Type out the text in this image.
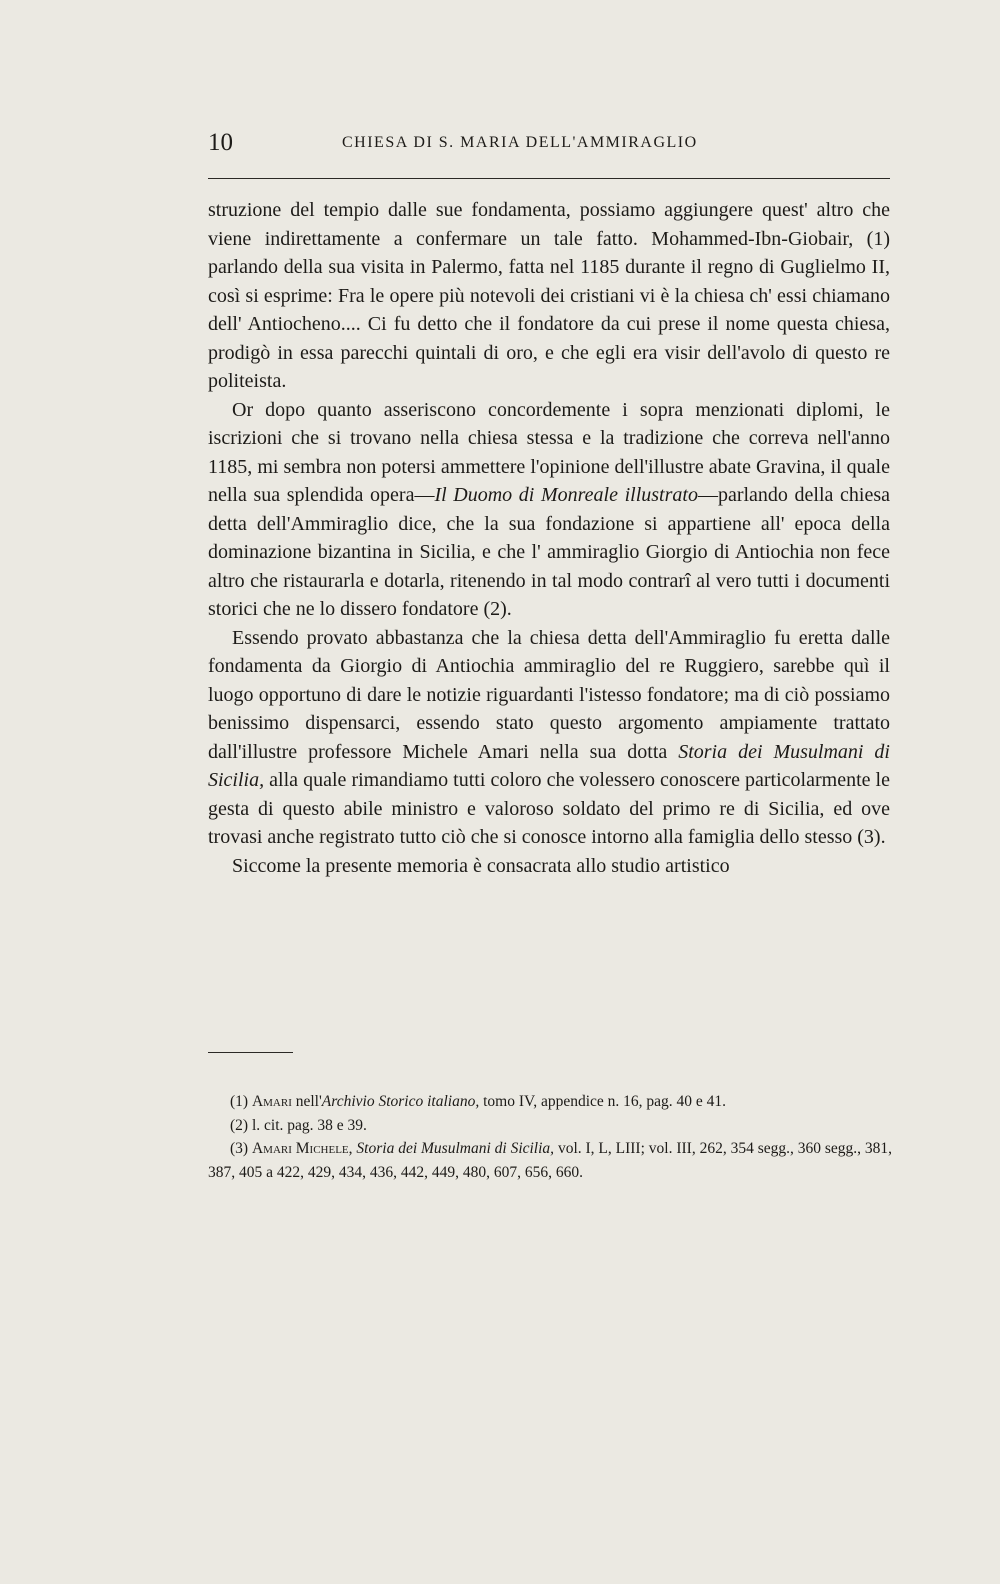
10	CHIESA DI S. MARIA DELL'AMMIRAGLIO

struzione del tempio dalle sue fondamenta, possiamo aggiungere quest' altro che viene indirettamente a confermare un tale fatto. Mohammed-Ibn-Giobair, (1) parlando della sua visita in Palermo, fatta nel 1185 durante il regno di Guglielmo II, così si esprime: Fra le opere più notevoli dei cristiani vi è la chiesa ch' essi chiamano dell' Antiocheno.... Ci fu detto che il fondatore da cui prese il nome questa chiesa, prodigò in essa parecchi quintali di oro, e che egli era visir dell'avolo di questo re politeista.

Or dopo quanto asseriscono concordemente i sopra menzionati diplomi, le iscrizioni che si trovano nella chiesa stessa e la tradizione che correva nell'anno 1185, mi sembra non potersi ammettere l'opinione dell'illustre abate Gravina, il quale nella sua splendida opera—Il Duomo di Monreale illustrato—parlando della chiesa detta dell'Ammiraglio dice, che la sua fondazione si appartiene all' epoca della dominazione bizantina in Sicilia, e che l' ammiraglio Giorgio di Antiochia non fece altro che ristaurarla e dotarla, ritenendo in tal modo contrarî al vero tutti i documenti storici che ne lo dissero fondatore (2).

Essendo provato abbastanza che la chiesa detta dell'Ammiraglio fu eretta dalle fondamenta da Giorgio di Antiochia ammiraglio del re Ruggiero, sarebbe quì il luogo opportuno di dare le notizie riguardanti l'istesso fondatore; ma di ciò possiamo benissimo dispensarci, essendo stato questo argomento ampiamente trattato dall'illustre professore Michele Amari nella sua dotta Storia dei Musulmani di Sicilia, alla quale rimandiamo tutti coloro che volessero conoscere particolarmente le gesta di questo abile ministro e valoroso soldato del primo re di Sicilia, ed ove trovasi anche registrato tutto ciò che si conosce intorno alla famiglia dello stesso (3).

Siccome la presente memoria è consacrata allo studio artistico

(1) Amari nell'Archivio Storico italiano, tomo IV, appendice n. 16, pag. 40 e 41.

(2) l. cit. pag. 38 e 39.

(3) Amari Michele, Storia dei Musulmani di Sicilia, vol. I, L, LIII; vol. III, 262, 354 segg., 360 segg., 381, 387, 405 a 422, 429, 434, 436, 442, 449, 480, 607, 656, 660.
